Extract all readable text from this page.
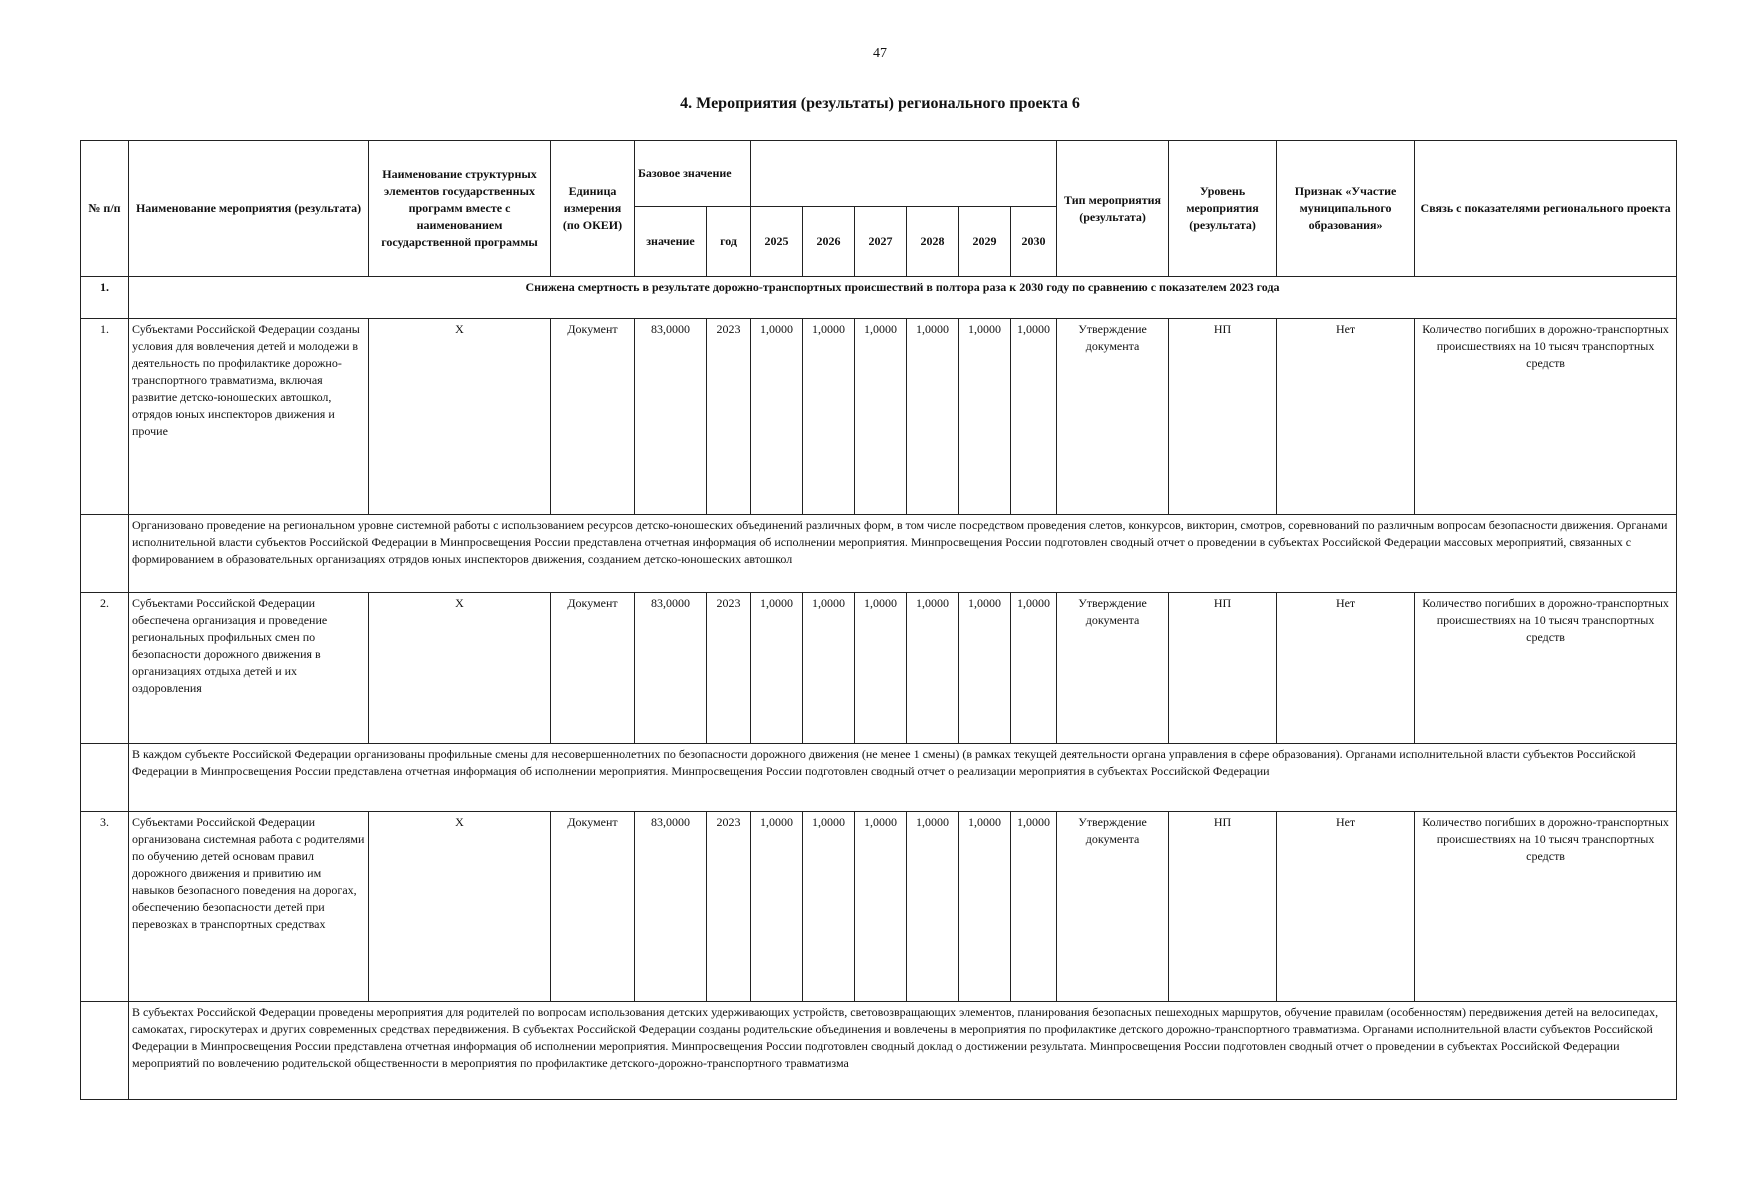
47
4. Мероприятия (результаты) регионального проекта 6
№ п/п	Наименование мероприятия (результата)	Наименование структурных элементов государственных программ вместе с наименованием государственной программы	Единица измерения (по ОКЕИ)	Базовое значение								Тип мероприятия (результата)	Уровень мероприятия (результата)	Признак «Участие муниципального образования»	Связь с показателями регионального проекта
				значение	год	2025	2026	2027	2028	2029	2030				
1.	Снижена смертность в результате дорожно-транспортных происшествий в полтора раза к 2030 году по сравнению с показателем 2023 года														
1.	Субъектами Российской Федерации созданы условия для вовлечения детей и молодежи в деятельность по профилактике дорожно-транспортного травматизма, включая развитие детско-юношеских автошкол, отрядов юных инспекторов движения и прочие	Х	Документ	83,0000	2023	1,0000	1,0000	1,0000	1,0000	1,0000	1,0000	Утверждение документа	НП	Нет	Количество погибших в дорожно-транспортных происшествиях на 10 тысяч транспортных средств
	Организовано проведение на региональном уровне системной работы с использованием ресурсов детско-юношеских объединений различных форм, в том числе посредством проведения слетов, конкурсов, викторин, смотров, соревнований по различным вопросам безопасности движения. Органами исполнительной власти субъектов Российской Федерации в Минпросвещения России представлена отчетная информация об исполнении мероприятия. Минпросвещения России подготовлен сводный отчет о проведении в субъектах Российской Федерации массовых мероприятий, связанных с формированием в образовательных организациях отрядов юных инспекторов движения, созданием детско-юношеских автошкол														
2.	Субъектами Российской Федерации обеспечена организация и проведение региональных профильных смен по безопасности дорожного движения в организациях отдыха детей и их оздоровления	Х	Документ	83,0000	2023	1,0000	1,0000	1,0000	1,0000	1,0000	1,0000	Утверждение документа	НП	Нет	Количество погибших в дорожно-транспортных происшествиях на 10 тысяч транспортных средств
	В каждом субъекте Российской Федерации организованы профильные смены для несовершеннолетних по безопасности дорожного движения (не менее 1 смены) (в рамках текущей деятельности органа управления в сфере образования). Органами исполнительной власти субъектов Российской Федерации в Минпросвещения России представлена отчетная информация об исполнении мероприятия. Минпросвещения России подготовлен сводный отчет о реализации мероприятия в субъектах Российской Федерации														
3.	Субъектами Российской Федерации организована системная работа с родителями по обучению детей основам правил дорожного движения и привитию им навыков безопасного поведения на дорогах, обеспечению безопасности детей при перевозках в транспортных средствах	Х	Документ	83,0000	2023	1,0000	1,0000	1,0000	1,0000	1,0000	1,0000	Утверждение документа	НП	Нет	Количество погибших в дорожно-транспортных происшествиях на 10 тысяч транспортных средств
	В субъектах Российской Федерации проведены мероприятия для родителей по вопросам использования детских удерживающих устройств, световозвращающих элементов, планирования безопасных пешеходных маршрутов, обучение правилам (особенностям) передвижения детей на велосипедах, самокатах, гироскутерах и других современных средствах передвижения. В субъектах Российской Федерации созданы родительские объединения и вовлечены в мероприятия по профилактике детского дорожно-транспортного травматизма. Органами исполнительной власти субъектов Российской Федерации в Минпросвещения России представлена отчетная информация об исполнении мероприятия. Минпросвещения России подготовлен сводный доклад о достижении результата. Минпросвещения России подготовлен сводный отчет о проведении в субъектах Российской Федерации мероприятий по вовлечению родительской общественности в мероприятия по профилактике детского-дорожно-транспортного травматизма														
